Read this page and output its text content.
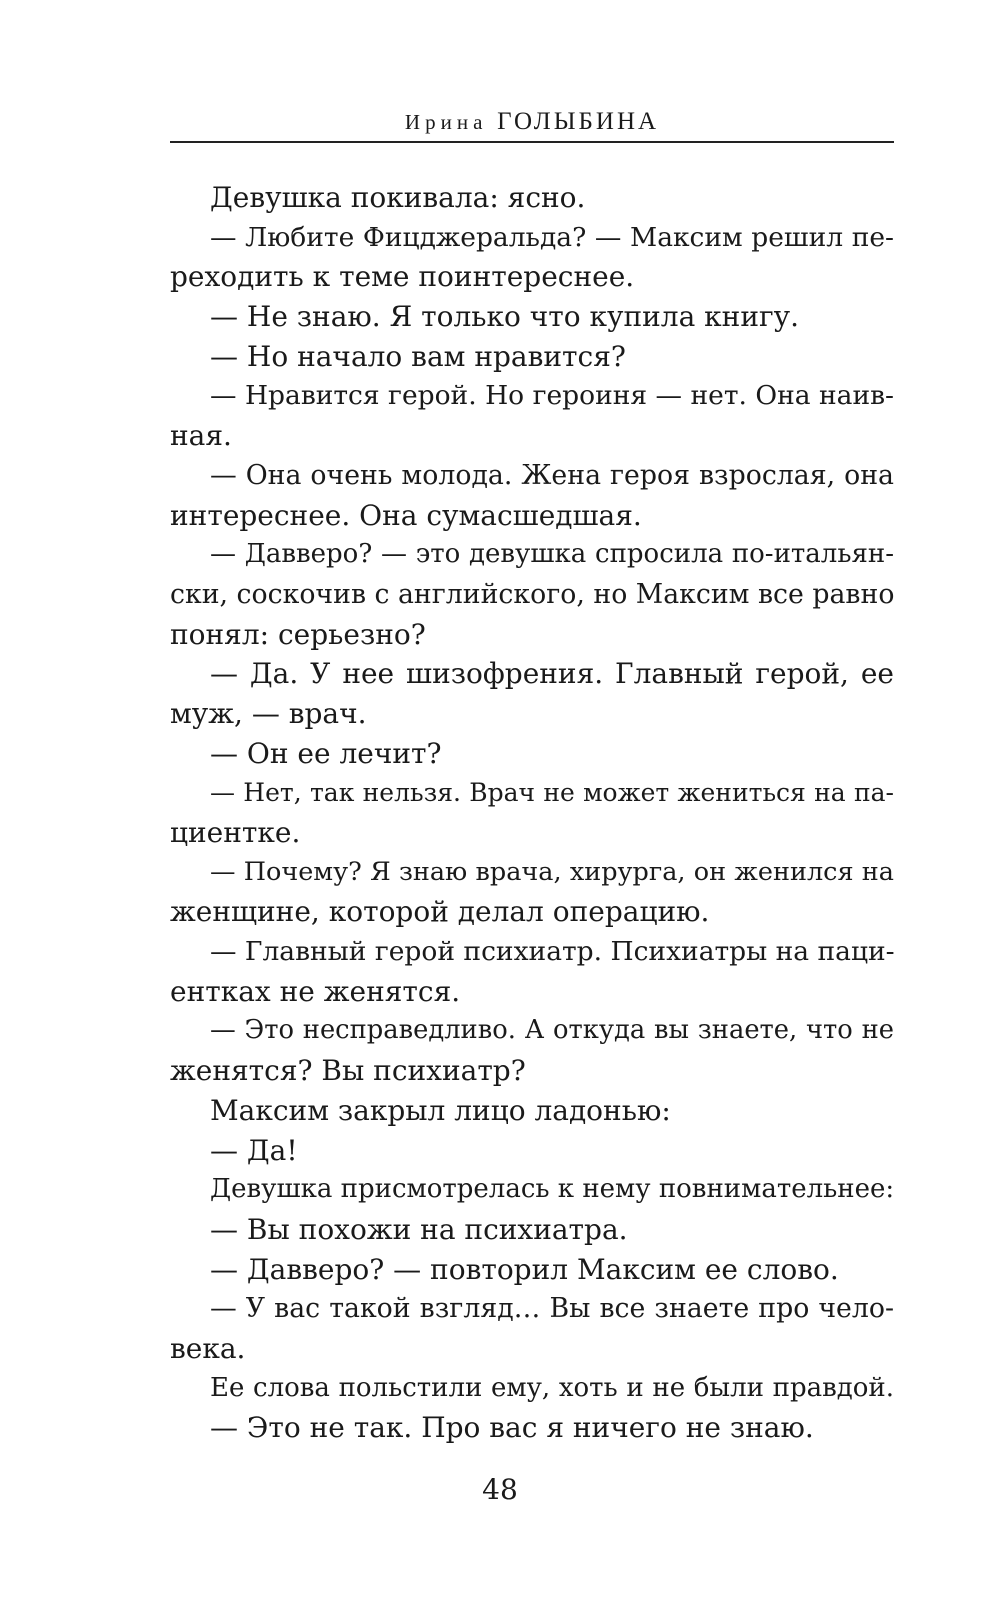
Ирина ГОЛЫБИНА
Девушка покивала: ясно.
— Любите Фицджеральда? — Максим решил пе-
реходить к теме поинтереснее.
— Не знаю. Я только что купила книгу.
— Но начало вам нравится?
— Нравится герой. Но героиня — нет. Она наив-
ная.
— Она очень молода. Жена героя взрослая, она
интереснее. Она сумасшедшая.
— Давверо? — это девушка спросила по-итальян-
ски, соскочив с английского, но Максим все равно
понял: серьезно?
— Да. У нее шизофрения. Главный герой, ее
муж, — врач.
— Он ее лечит?
— Нет, так нельзя. Врач не может жениться на па-
циентке.
— Почему? Я знаю врача, хирурга, он женился на
женщине, которой делал операцию.
— Главный герой психиатр. Психиатры на паци-
ентках не женятся.
— Это несправедливо. А откуда вы знаете, что не
женятся? Вы психиатр?
Максим закрыл лицо ладонью:
— Да!
Девушка присмотрелась к нему повнимательнее:
— Вы похожи на психиатра.
— Давверо? — повторил Максим ее слово.
— У вас такой взгляд… Вы все знаете про чело-
века.
Ее слова польстили ему, хоть и не были правдой.
— Это не так. Про вас я ничего не знаю.
48
